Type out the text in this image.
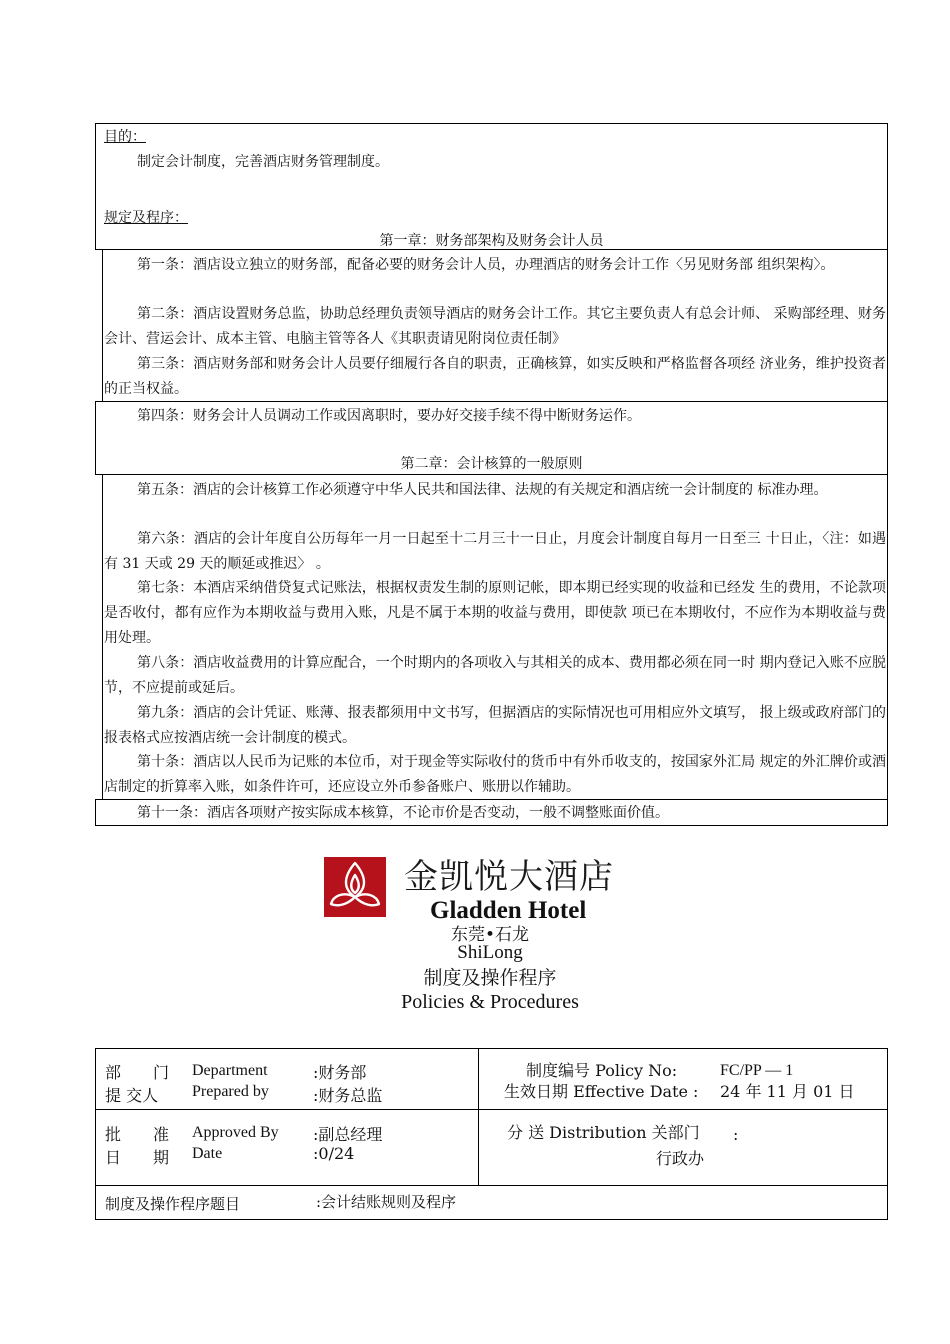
目的：

制定会计制度，完善酒店财务管理制度。

规定及程序：

第一章：财务部架构及财务会计人员

第一条：酒店设立独立的财务部，配备必要的财务会计人员，办理酒店的财务会计工作〈另见财务部 组织架构〉。

第二条：酒店设置财务总监，协助总经理负责领导酒店的财务会计工作。其它主要负责人有总会计师、 采购部经理、财务会计、营运会计、成本主管、电脑主管等各人《其职责请见附岗位责任制》

第三条：酒店财务部和财务会计人员要仔细履行各自的职责，正确核算，如实反映和严格监督各项经 济业务，维护投资者的正当权益。

第四条：财务会计人员调动工作或因离职时，要办好交接手续不得中断财务运作。

第二章：会计核算的一般原则

第五条：酒店的会计核算工作必须遵守中华人民共和国法律、法规的有关规定和酒店统一会计制度的 标准办理。

第六条：酒店的会计年度自公历每年一月一日起至十二月三十一日止，月度会计制度自每月一日至三 十日止，〈注：如遇有 31 天或 29 天的顺延或推迟〉 。

第七条：本酒店采纳借贷复式记账法，根据权责发生制的原则记帐，即本期已经实现的收益和已经发 生的费用，不论款项是否收付，都有应作为本期收益与费用入账，凡是不属于本期的收益与费用，即使款 项已在本期收付，不应作为本期收益与费用处理。

第八条：酒店收益费用的计算应配合，一个时期内的各项收入与其相关的成本、费用都必须在同一时 期内登记入账不应脱节，不应提前或延后。

第九条：酒店的会计凭证、账薄、报表都须用中文书写，但据酒店的实际情况也可用相应外文填写， 报上级或政府部门的报表格式应按酒店统一会计制度的模式。

第十条：酒店以人民币为记账的本位币，对于现金等实际收付的货币中有外币收支的，按国家外汇局 规定的外汇牌价或酒店制定的折算率入账，如条件许可，还应设立外币参备账户、账册以作辅助。

第十一条：酒店各项财产按实际成本核算，不论市价是否变动，一般不调整账面价值。

金凯悦大酒店
Gladden Hotel
东莞•石龙
ShiLong
制度及操作程序
Policies & Procedures
部　　门 Department	:财务部
提 交人 Prepared by	:财务总监
制度编号 Policy No:	FC/PP — 1
生效日期 Effective Date : 24 年 11 月 01 日
批　　准 Approved By :副总经理
日　　期 Date	:0/24
分 送 Distribution 关部门 :
行政办
制度及操作程序题目	:会计结账规则及程序
